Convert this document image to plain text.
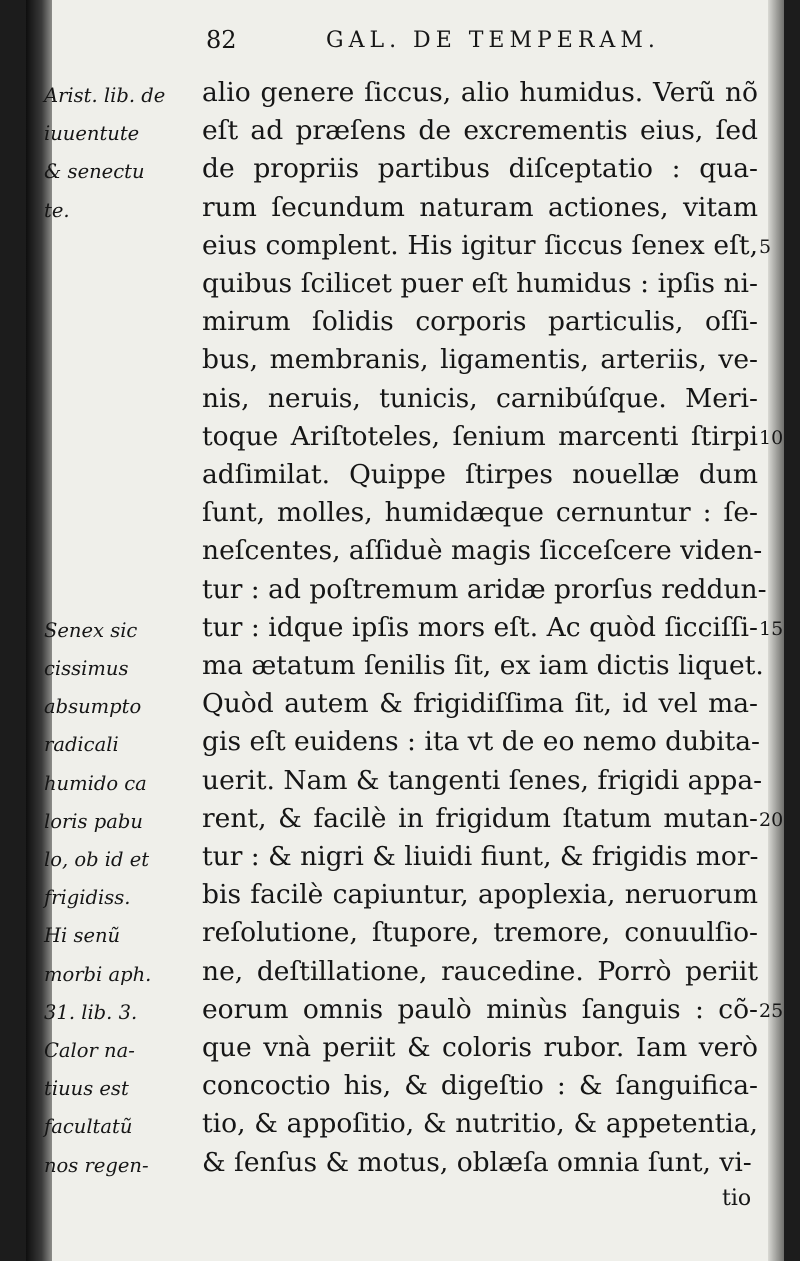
82	GAL. DE TEMPERAM.

Arist. lib. de

iuuentute

& senectu

te.

Senex sic

cissimus

absumpto

radicali

humido ca

loris pabu

lo, ob id et

frigidiss.

Hi senũ

morbi aph.

31. lib. 3.

Calor na-

tiuus est

facultatũ

nos regen-

alio genere ſiccus, alio humidus. Verũ nõ

eſt ad præſens de excrementis eius, ſed

de propriis partibus diſceptatio : qua-

rum ſecundum naturam actiones, vitam

eius complent. His igitur ſiccus ſenex eſt,

quibus ſcilicet puer eſt humidus : ipſis ni-

mirum ſolidis corporis particulis, oſſi-

bus, membranis, ligamentis, arteriis, ve-

nis, neruis, tunicis, carnibúſque. Meri-

toque Ariſtoteles, ſenium marcenti ſtirpi

adſimilat. Quippe ſtirpes nouellæ dum

ſunt, molles, humidæque cernuntur : ſe-

neſcentes, aſſiduè magis ſicceſcere viden-

tur : ad poſtremum aridæ prorſus reddun-

tur : idque ipſis mors eſt. Ac quòd ſicciſſi-

ma ætatum ſenilis ſit, ex iam dictis liquet.

Quòd autem & frigidiſſima ſit, id vel ma-

gis eſt euidens : ita vt de eo nemo dubita-

uerit. Nam & tangenti ſenes, frigidi appa-

rent, & facilè in frigidum ſtatum mutan-

tur : & nigri & liuidi fiunt, & frigidis mor-

bis facilè capiuntur, apoplexia, neruorum

reſolutione, ſtupore, tremore, conuulſio-

ne, deſtillatione, raucedine. Porrò periit

eorum omnis paulò minùs ſanguis : cõ-

que vnà periit & coloris rubor. Iam verò

concoctio his, & digeſtio : & ſanguifica-

tio, & appoſitio, & nutritio, & appetentia,

& ſenſus & motus, oblæſa omnia ſunt, vi-

5

10

15

20

25

tio
